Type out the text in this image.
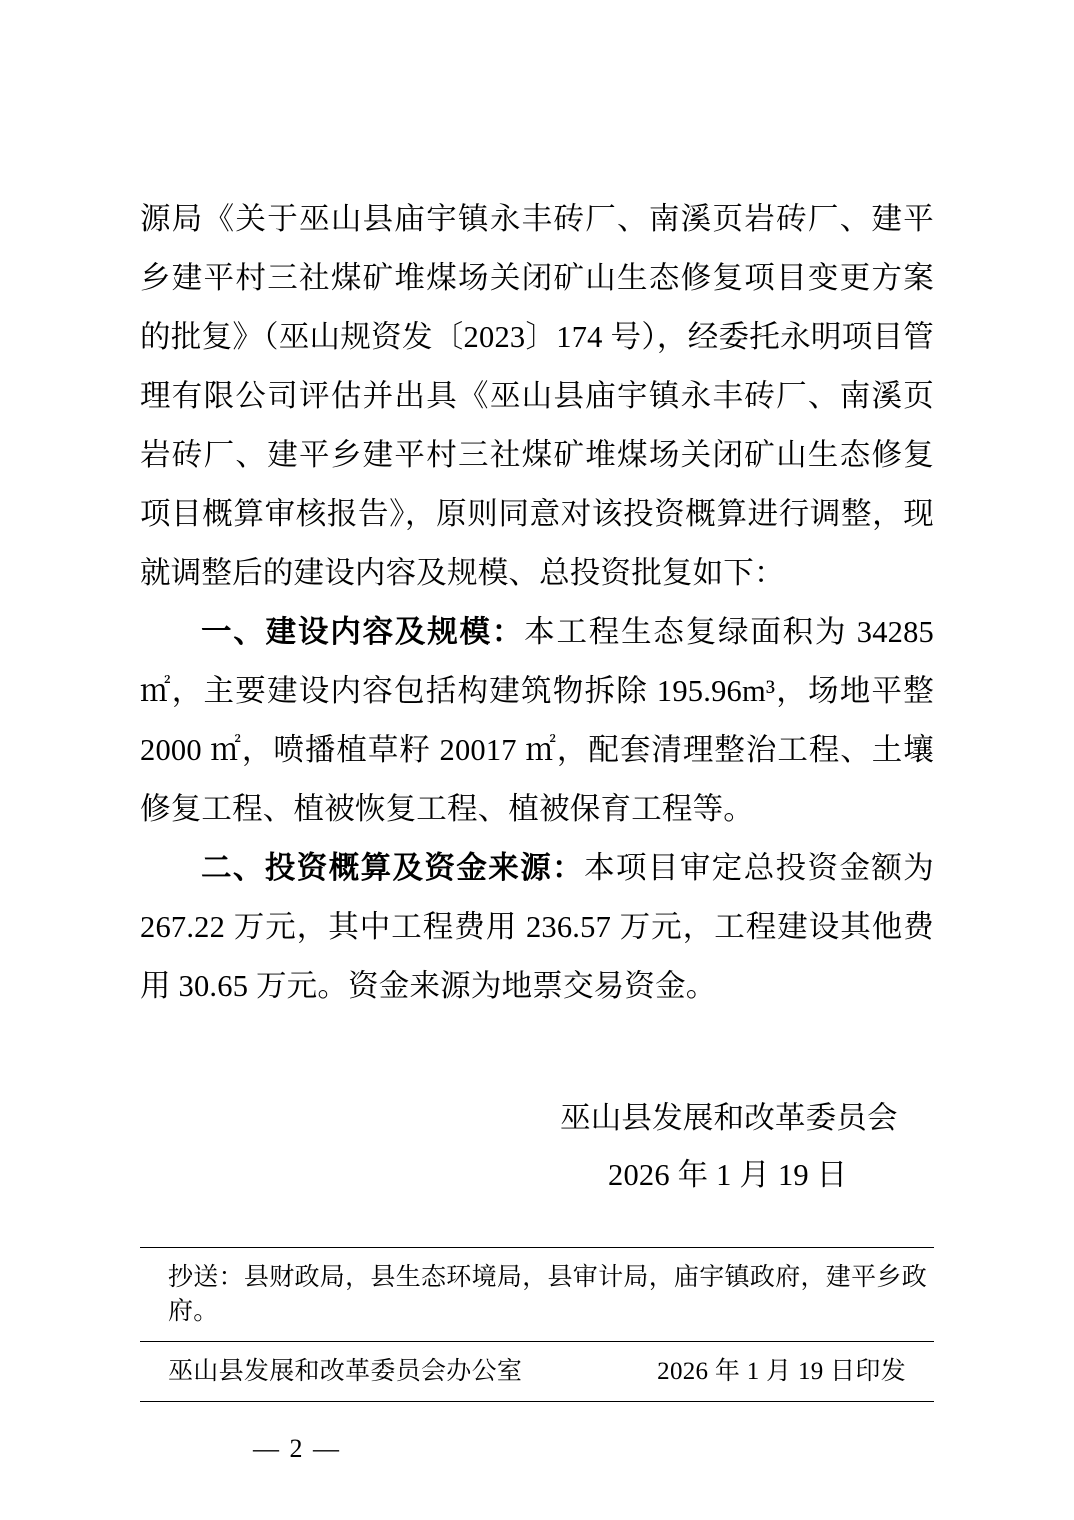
源局《关于巫山县庙宇镇永丰砖厂、南溪页岩砖厂、建平乡建平村三社煤矿堆煤场关闭矿山生态修复项目变更方案的批复》（巫山规资发〔2023〕174 号），经委托永明项目管理有限公司评估并出具《巫山县庙宇镇永丰砖厂、南溪页岩砖厂、建平乡建平村三社煤矿堆煤场关闭矿山生态修复项目概算审核报告》，原则同意对该投资概算进行调整，现就调整后的建设内容及规模、总投资批复如下：

一、建设内容及规模：本工程生态复绿面积为 34285 ㎡，主要建设内容包括构建筑物拆除 195.96m³，场地平整 2000 ㎡，喷播植草籽 20017 ㎡，配套清理整治工程、土壤修复工程、植被恢复工程、植被保育工程等。

二、投资概算及资金来源：本项目审定总投资金额为 267.22 万元，其中工程费用 236.57 万元，工程建设其他费用 30.65 万元。资金来源为地票交易资金。

巫山县发展和改革委员会

2026 年 1 月 19 日

抄送：县财政局，县生态环境局，县审计局，庙宇镇政府，建平乡政府。
巫山县发展和改革委员会办公室	2026 年 1 月 19 日印发
— 2 —
